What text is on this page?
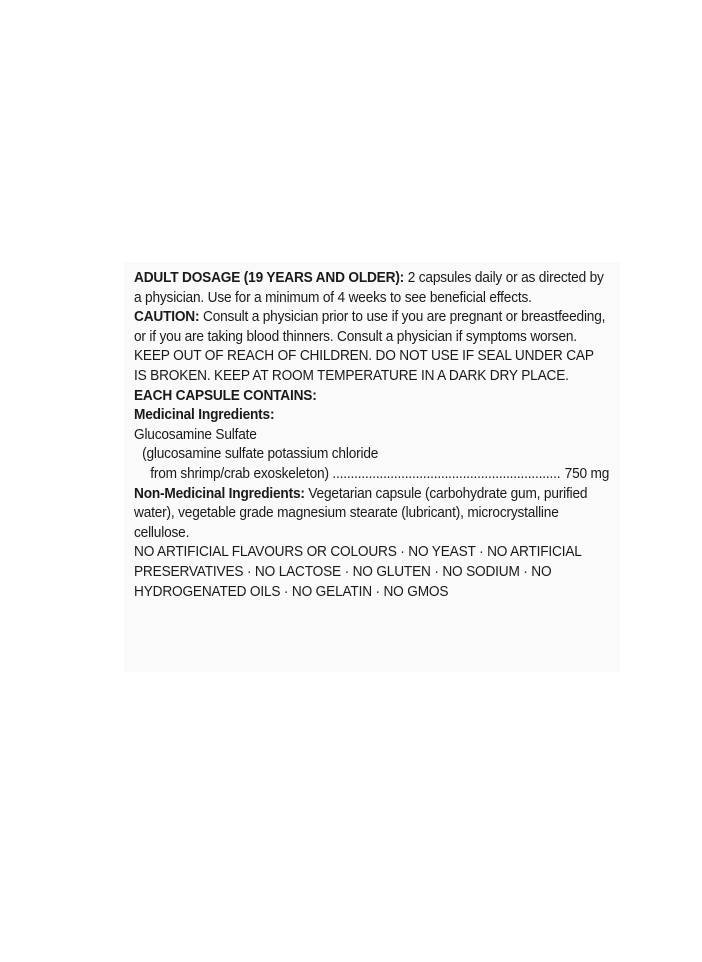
ADULT DOSAGE (19 YEARS AND OLDER): 2 capsules daily or as directed by a physician. Use for a minimum of 4 weeks to see beneficial effects.

CAUTION: Consult a physician prior to use if you are pregnant or breastfeeding, or if you are taking blood thinners. Consult a physician if symptoms worsen.

KEEP OUT OF REACH OF CHILDREN. DO NOT USE IF SEAL UNDER CAP IS BROKEN. KEEP AT ROOM TEMPERATURE IN A DARK DRY PLACE.

EACH CAPSULE CONTAINS:

Medicinal Ingredients:

Glucosamine Sulfate

(glucosamine sulfate potassium chloride

from shrimp/crab exoskeleton)
.....	750 mg

Non-Medicinal Ingredients: Vegetarian capsule (carbohydrate gum, purified water), vegetable grade magnesium stearate (lubricant), microcrystalline cellulose.

NO ARTIFICIAL FLAVOURS OR COLOURS · NO YEAST · NO ARTIFICIAL PRESERVATIVES · NO LACTOSE · NO GLUTEN · NO SODIUM · NO HYDROGENATED OILS · NO GELATIN · NO GMOS
